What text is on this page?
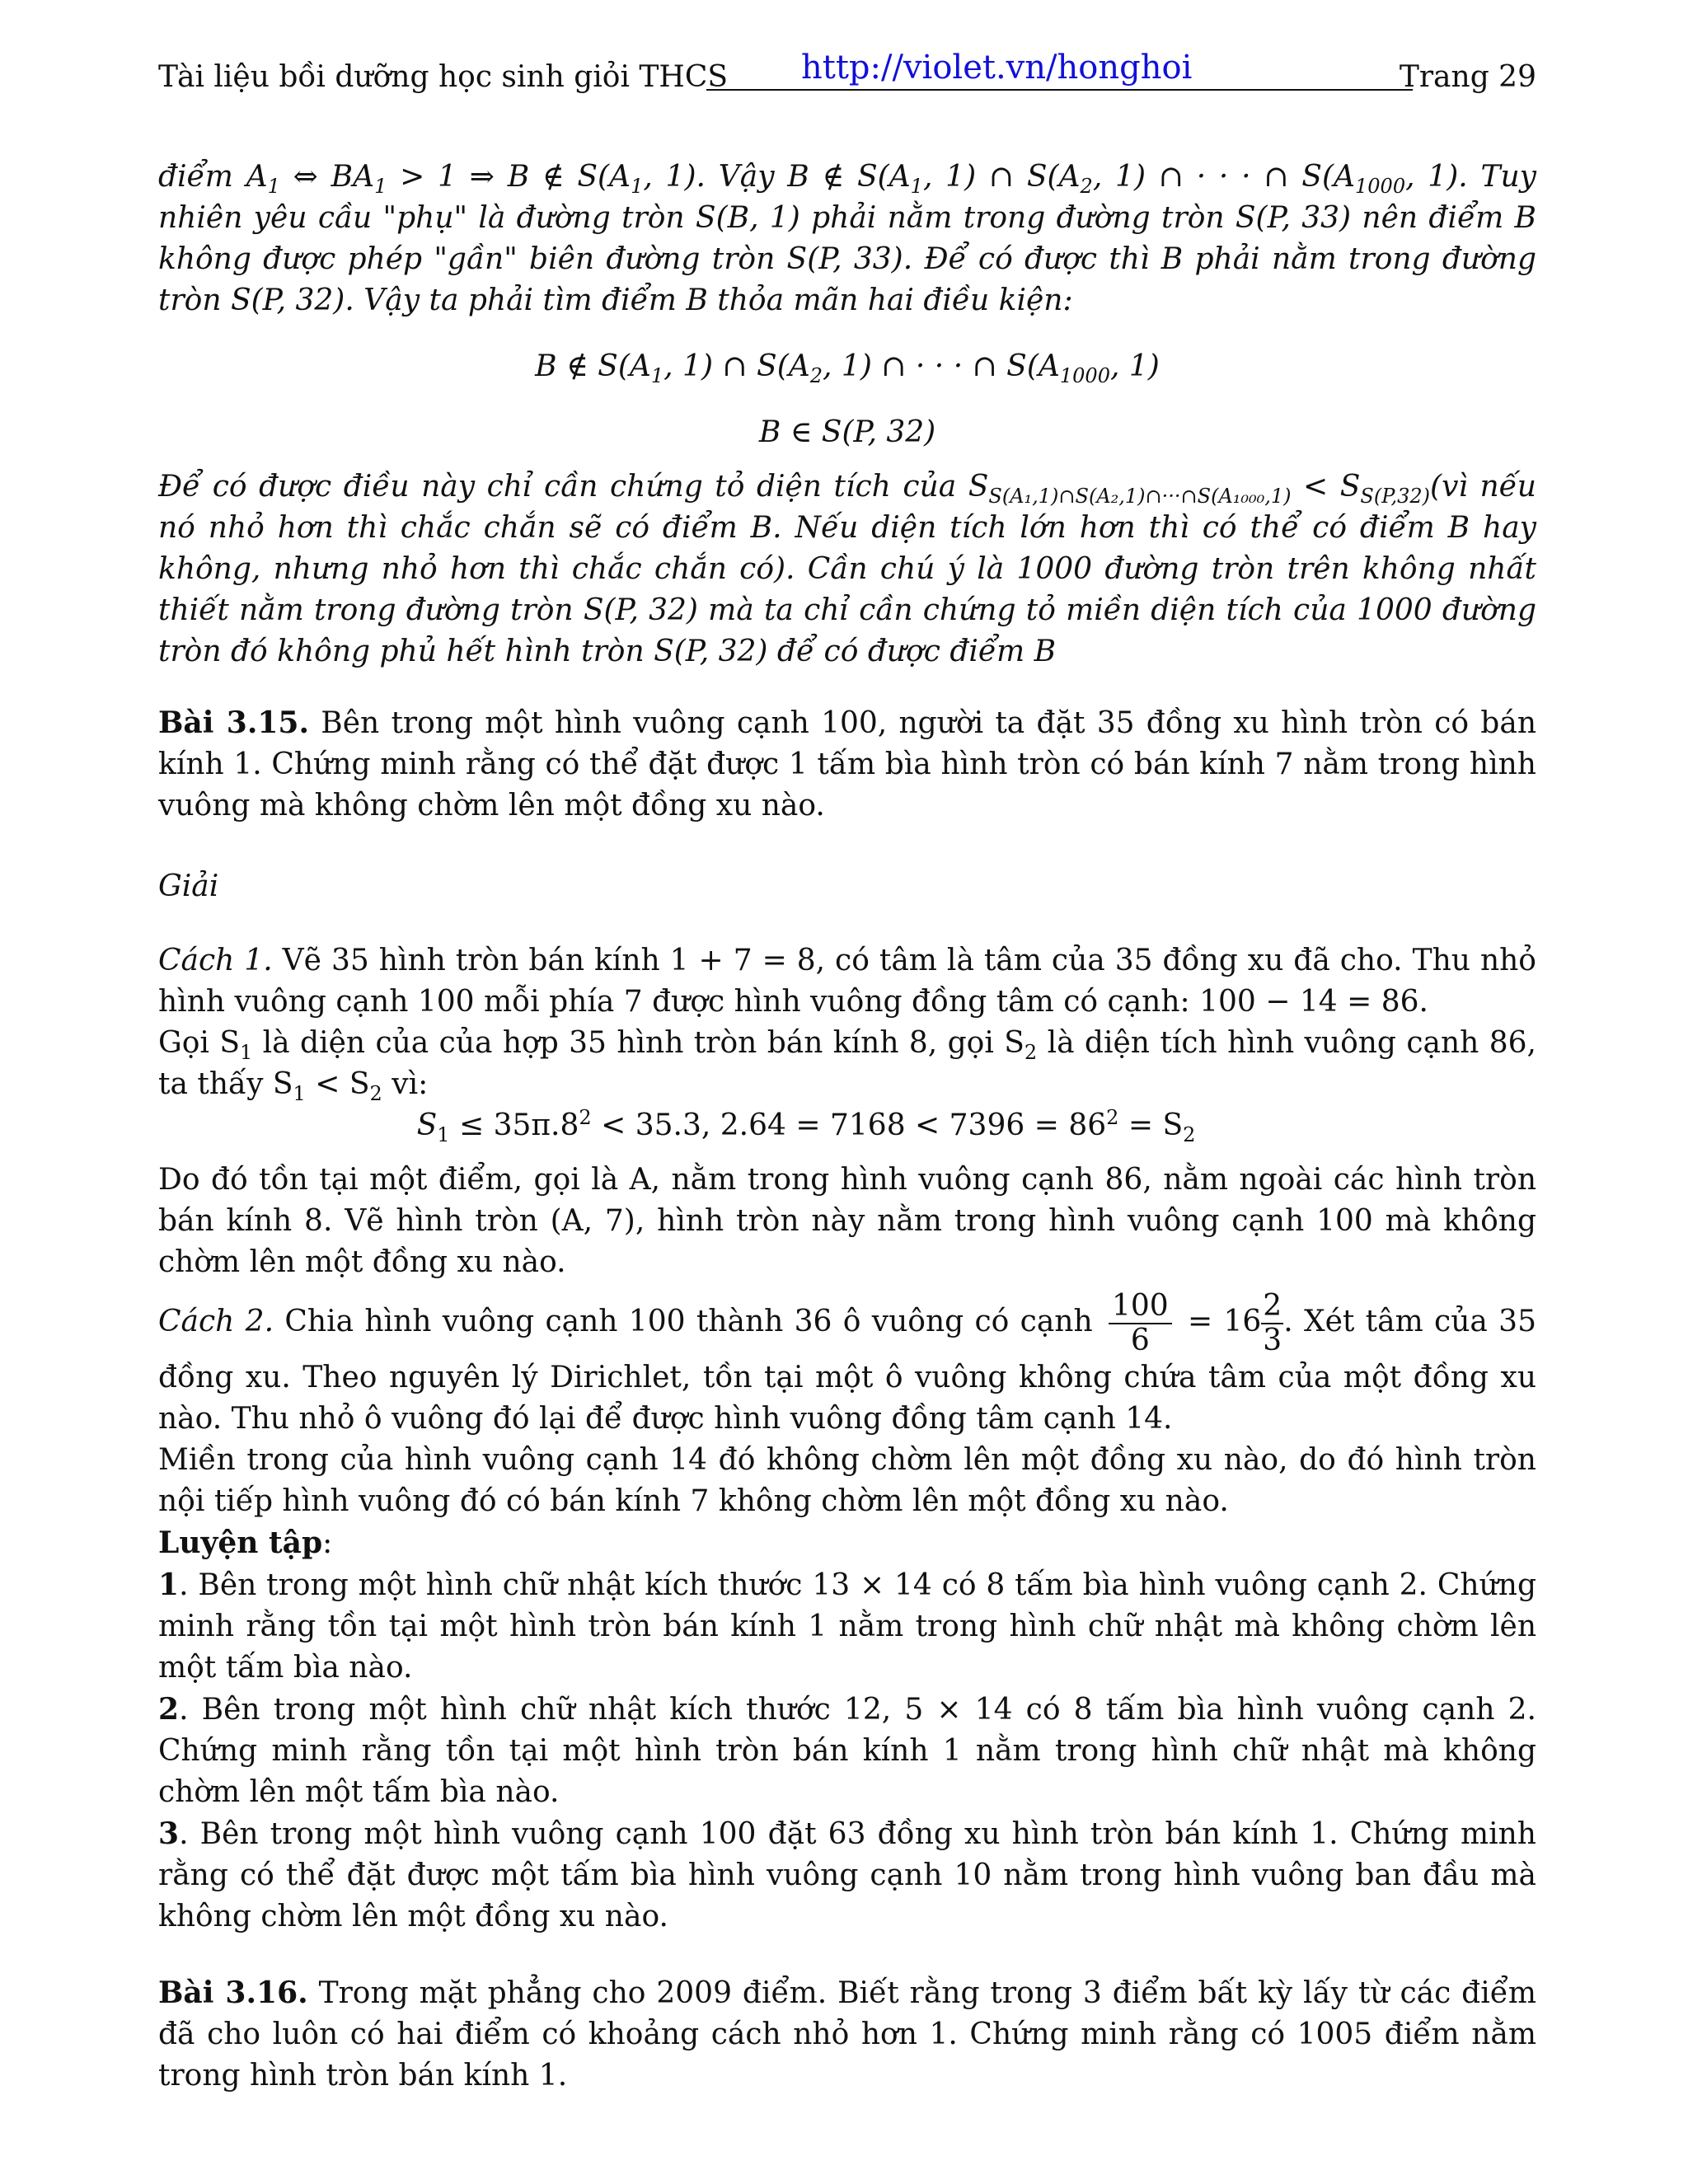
Tài liệu bồi dưỡng học sinh giỏi THCS http://violet.vn/honghoi	Trang 29

điểm $A_1$ ⇔ $BA_1 > 1$ ⇒ B ∉ $S(A_1$, 1). Vậy B ∉ $S(A_1$, 1) ∩ $S(A_2$, 1) ∩ · · · ∩ $S(A_{1000}$, 1). Tuy nhiên yêu cầu "phụ" là đường tròn S(B, 1) phải nằm trong đường tròn S(P, 33) nên điểm B không được phép "gần" biên đường tròn S(P, 33). Để có được thì B phải nằm trong đường tròn S(P, 32). Vậy ta phải tìm điểm B thỏa mãn hai điều kiện:

B ∉ $S(A_1$, 1) ∩ $S(A_2$, 1) ∩ · · · ∩ $S(A_{1000}$, 1)

B ∈ S(P, 32)

Để có được điều này chỉ cần chứng tỏ diện tích của $S_{S(A_1,1)\cap S(A_2,1)\cap\cdot\cdot\cdot\cap S(A_{1000},1)}$ < $S_{S(P,32)}(vì$ nếu nó nhỏ hơn thì chắc chắn sẽ có điểm B. Nếu diện tích lớn hơn thì có thể có điểm B hay không, nhưng nhỏ hơn thì chắc chắn có). Cần chú ý là 1000 đường tròn trên không nhất thiết nằm trong đường tròn S(P, 32) mà ta chỉ cần chứng tỏ miền diện tích của 1000 đường tròn đó không phủ hết hình tròn S(P, 32) để có được điểm B

Bài 3.15. Bên trong một hình vuông cạnh 100, người ta đặt 35 đồng xu hình tròn có bán kính 1. Chứng minh rằng có thể đặt được 1 tấm bìa hình tròn có bán kính 7 nằm trong hình vuông mà không chờm lên một đồng xu nào.

Giải

Cách 1. Vẽ 35 hình tròn bán kính 1 + 7 = 8, có tâm là tâm của 35 đồng xu đã cho. Thu nhỏ hình vuông cạnh 100 mỗi phía 7 được hình vuông đồng tâm có cạnh: 100 − 14 = 86.

Gọi $S_1$ là diện của của hợp 35 hình tròn bán kính 8, gọi $S_2$ là diện tích hình vuông cạnh 86, ta thấy $S_1 < S_2$ vì:

$S_1 \le 35\pi.8^2 < 35.3$, $2.64 = 7168 < 7396 = 86^2 = S_2$

Do đó tồn tại một điểm, gọi là A, nằm trong hình vuông cạnh 86, nằm ngoài các hình tròn bán kính 8. Vẽ hình tròn (A, 7), hình tròn này nằm trong hình vuông cạnh 100 mà không chờm lên một đồng xu nào.

Cách 2. Chia hình vuông cạnh 100 thành 36 ô vuông có cạnh $\frac{100}{6} = 16 \frac{2}{3}$ . Xét tâm của 35 đồng xu. Theo nguyên lý Dirichlet, tồn tại một ô vuông không chứa tâm của một đồng xu nào. Thu nhỏ ô vuông đó lại để được hình vuông đồng tâm cạnh 14.

Miền trong của hình vuông cạnh 14 đó không chờm lên một đồng xu nào, do đó hình tròn nội tiếp hình vuông đó có bán kính 7 không chờm lên một đồng xu nào.

Luyện tập:

1. Bên trong một hình chữ nhật kích thước 13 × 14 có 8 tấm bìa hình vuông cạnh 2. Chứng minh rằng tồn tại một hình tròn bán kính 1 nằm trong hình chữ nhật mà không chờm lên một tấm bìa nào.

2. Bên trong một hình chữ nhật kích thước 12, 5 × 14 có 8 tấm bìa hình vuông cạnh 2. Chứng minh rằng tồn tại một hình tròn bán kính 1 nằm trong hình chữ nhật mà không chờm lên một tấm bìa nào.

3. Bên trong một hình vuông cạnh 100 đặt 63 đồng xu hình tròn bán kính 1. Chứng minh rằng có thể đặt được một tấm bìa hình vuông cạnh 10 nằm trong hình vuông ban đầu mà không chờm lên một đồng xu nào.

Bài 3.16. Trong mặt phẳng cho 2009 điểm. Biết rằng trong 3 điểm bất kỳ lấy từ các điểm đã cho luôn có hai điểm có khoảng cách nhỏ hơn 1. Chứng minh rằng có 1005 điểm nằm trong hình tròn bán kính 1.
